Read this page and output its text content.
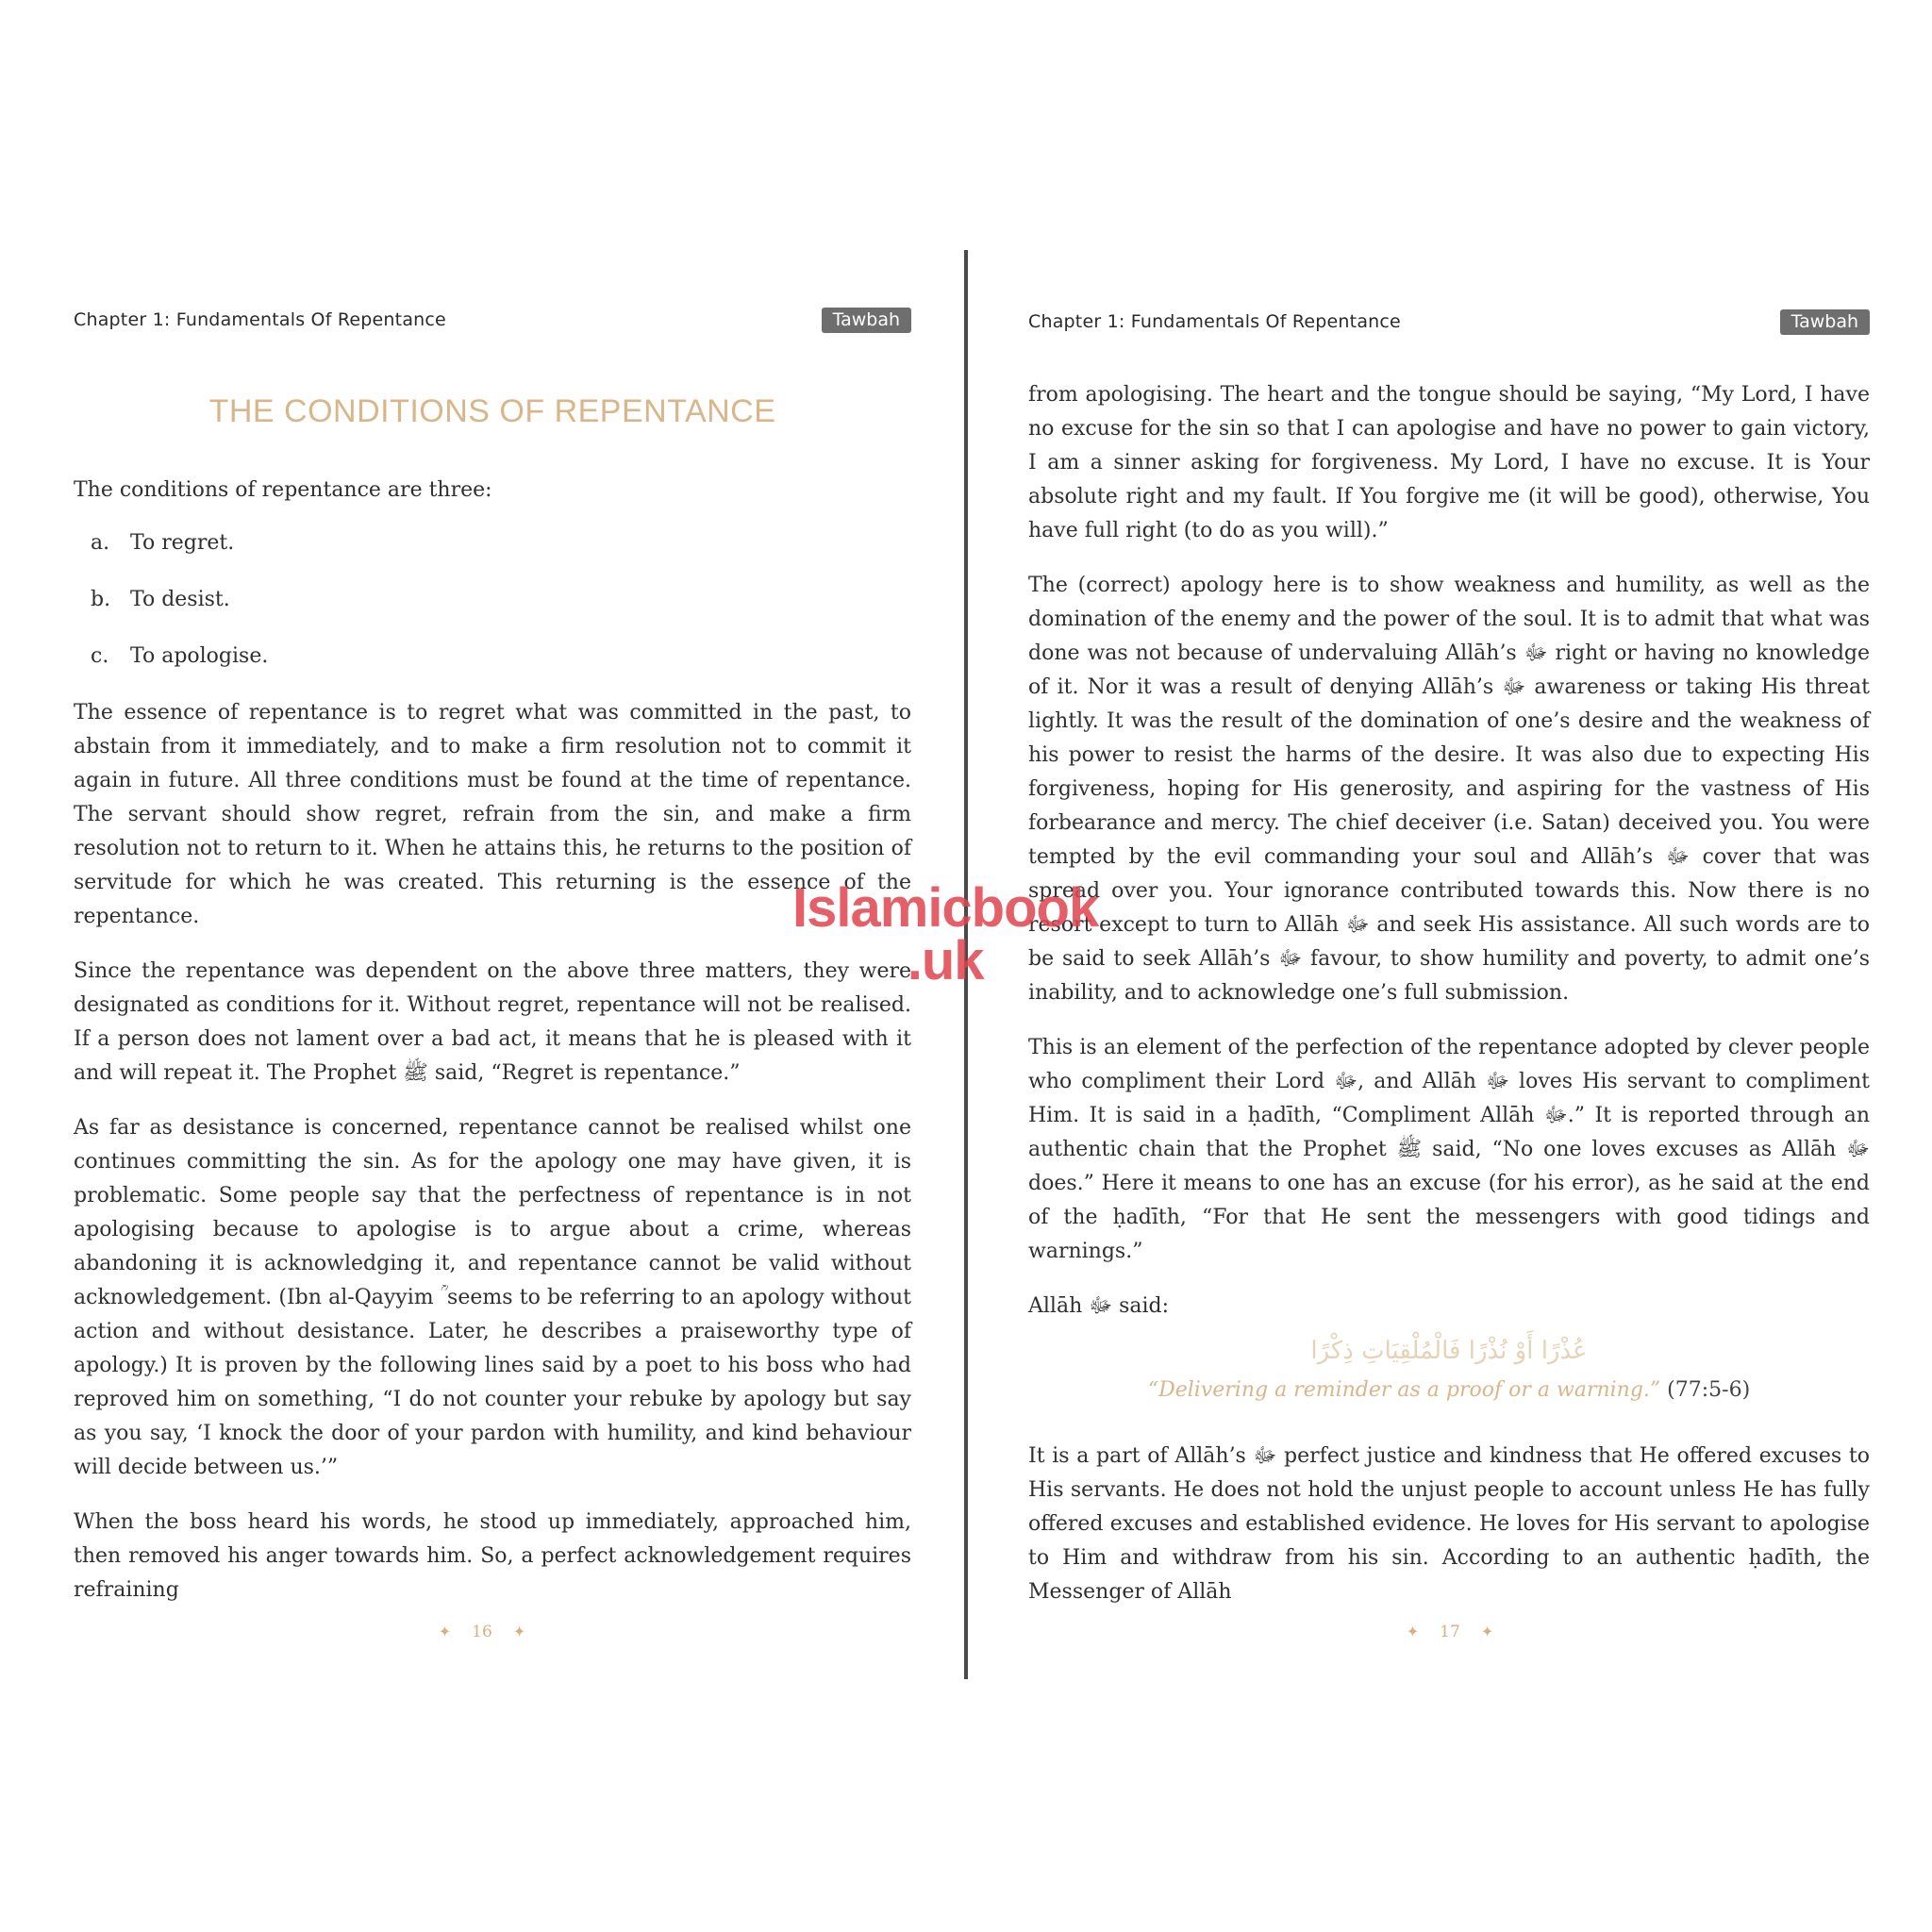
Chapter 1: Fundamentals Of Repentance	Tawbah
THE CONDITIONS OF REPENTANCE

The conditions of repentance are three:

a. To regret.
b. To desist.
c.	To apologise.

The essence of repentance is to regret what was committed in the past, to abstain from it immediately, and to make a firm resolution not to commit it again in future. All three conditions must be found at the time of repentance. The servant should show regret, refrain from the sin, and make a firm resolution not to return to it. When he attains this, he returns to the position of servitude for which he was created. This returning is the essence of the repentance.

Since the repentance was dependent on the above three matters, they were designated as conditions for it. Without regret, repentance will not be realised. If a person does not lament over a bad act, it means that he is pleased with it and will repeat it. The Prophet ﷺ said, “Regret is repentance.”

As far as desistance is concerned, repentance cannot be realised whilst one continues committing the sin. As for the apology one may have given, it is problematic. Some people say that the perfectness of repentance is in not apologising because to apologise is to argue about a crime, whereas abandoning it is acknowledging it, and repentance cannot be valid without acknowledgement. (Ibn al-Qayyim ؒ seems to be referring to an apology without action and without desistance. Later, he describes a praiseworthy type of apology.) It is proven by the following lines said by a poet to his boss who had reproved him on something, “I do not counter your rebuke by apology but say as you say, ‘I knock the door of your pardon with humility, and kind behaviour will decide between us.’”

When the boss heard his words, he stood up immediately, approached him, then removed his anger towards him. So, a perfect acknowledgement requires refraining

✦ 16 ✦
Chapter 1: Fundamentals Of Repentance	Tawbah

from apologising. The heart and the tongue should be saying, “My Lord, I have no excuse for the sin so that I can apologise and have no power to gain victory, I am a sinner asking for forgiveness. My Lord, I have no excuse. It is Your absolute right and my fault. If You forgive me (it will be good), otherwise, You have full right (to do as you will).”

The (correct) apology here is to show weakness and humility, as well as the domination of the enemy and the power of the soul. It is to admit that what was done was not because of undervaluing Allāh’s ﷻ right or having no knowledge of it. Nor it was a result of denying Allāh’s ﷻ awareness or taking His threat lightly. It was the result of the domination of one’s desire and the weakness of his power to resist the harms of the desire. It was also due to expecting His forgiveness, hoping for His generosity, and aspiring for the vastness of His forbearance and mercy. The chief deceiver (i.e. Satan) deceived you. You were tempted by the evil commanding your soul and Allāh’s ﷻ cover that was spread over you. Your ignorance contributed towards this. Now there is no resort except to turn to Allāh ﷻ and seek His assistance. All such words are to be said to seek Allāh’s ﷻ favour, to show humility and poverty, to admit one’s inability, and to acknowledge one’s full submission.

This is an element of the perfection of the repentance adopted by clever people who compliment their Lord ﷻ, and Allāh ﷻ loves His servant to compliment Him. It is said in a ḥadīth, “Compliment Allāh ﷻ.” It is reported through an authentic chain that the Prophet ﷺ said, “No one loves excuses as Allāh ﷻ does.” Here it means to one has an excuse (for his error), as he said at the end of the ḥadīth, “For that He sent the messengers with good tidings and warnings.”

Allāh ﷻ said:

عُذْرًا أَوْ نُذْرًا فَالْمُلْقِيَاتِ ذِكْرًا
“Delivering a reminder as a proof or a warning.” (77:5-6)

It is a part of Allāh’s ﷻ perfect justice and kindness that He offered excuses to His servants. He does not hold the unjust people to account unless He has fully offered excuses and established evidence. He loves for His servant to apologise to Him and withdraw from his sin. According to an authentic ḥadīth, the Messenger of Allāh

✦ 17 ✦
Islamicbook
.uk
